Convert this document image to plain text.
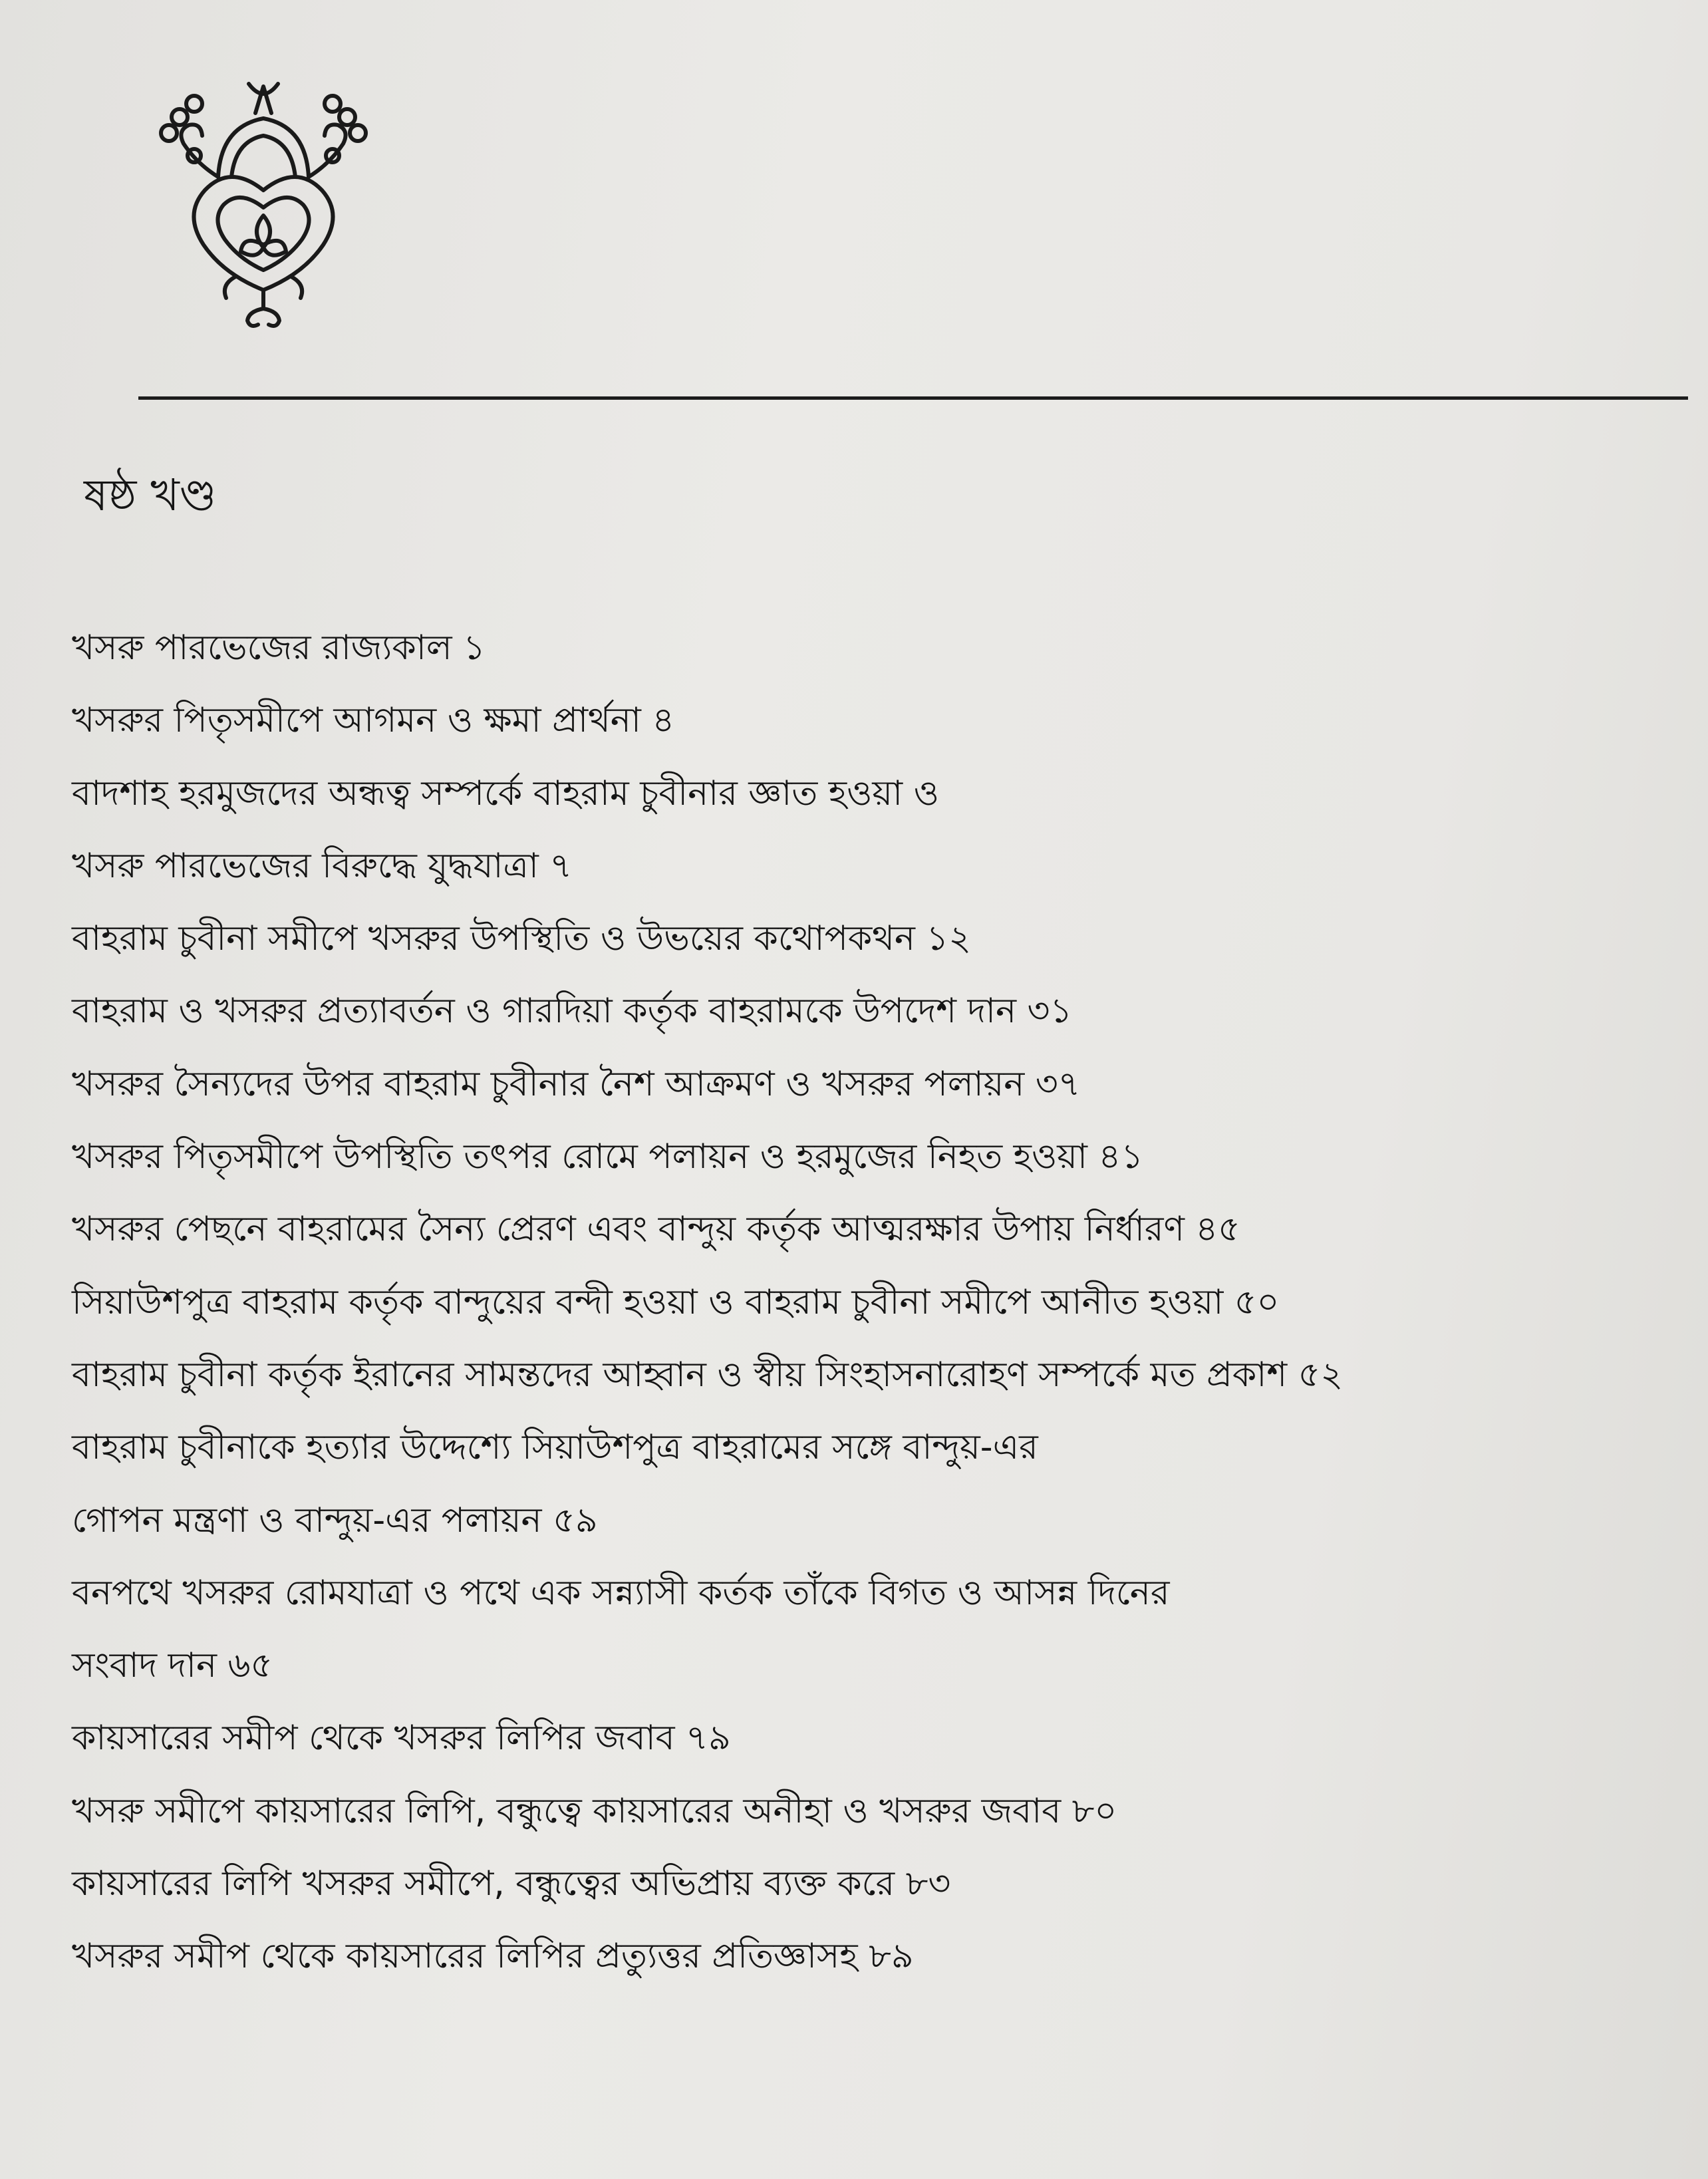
ষষ্ঠ খণ্ড
খসরু পারভেজের রাজ্যকাল ১
খসরুর পিতৃসমীপে আগমন ও ক্ষমা প্রার্থনা ৪
বাদশাহ হরমুজদের অন্ধত্ব সম্পর্কে বাহরাম চুবীনার জ্ঞাত হওয়া ও
খসরু পারভেজের বিরুদ্ধে যুদ্ধযাত্রা ৭
বাহরাম চুবীনা সমীপে খসরুর উপস্থিতি ও উভয়ের কথোপকথন ১২
বাহরাম ও খসরুর প্রত্যাবর্তন ও গারদিয়া কর্তৃক বাহরামকে উপদেশ দান ৩১
খসরুর সৈন্যদের উপর বাহরাম চুবীনার নৈশ আক্রমণ ও খসরুর পলায়ন ৩৭
খসরুর পিতৃসমীপে উপস্থিতি তৎপর রোমে পলায়ন ও হরমুজের নিহত হওয়া ৪১
খসরুর পেছনে বাহরামের সৈন্য প্রেরণ এবং বান্দুয় কর্তৃক আত্মরক্ষার উপায় নির্ধারণ ৪৫
সিয়াউশপুত্র বাহরাম কর্তৃক বান্দুয়ের বন্দী হওয়া ও বাহরাম চুবীনা সমীপে আনীত হওয়া ৫০
বাহরাম চুবীনা কর্তৃক ইরানের সামন্তদের আহ্বান ও স্বীয় সিংহাসনারোহণ সম্পর্কে মত প্রকাশ ৫২
বাহরাম চুবীনাকে হত্যার উদ্দেশ্যে সিয়াউশপুত্র বাহরামের সঙ্গে বান্দুয়-এর
গোপন মন্ত্রণা ও বান্দুয়-এর পলায়ন ৫৯
বনপথে খসরুর রোমযাত্রা ও পথে এক সন্ন্যাসী কর্তক তাঁকে বিগত ও আসন্ন দিনের
সংবাদ দান ৬৫
কায়সারের সমীপ থেকে খসরুর লিপির জবাব ৭৯
খসরু সমীপে কায়সারের লিপি, বন্ধুত্বে কায়সারের অনীহা ও খসরুর জবাব ৮০
কায়সারের লিপি খসরুর সমীপে, বন্ধুত্বের অভিপ্রায় ব্যক্ত করে ৮৩
খসরুর সমীপ থেকে কায়সারের লিপির প্রত্যুত্তর প্রতিজ্ঞাসহ ৮৯
